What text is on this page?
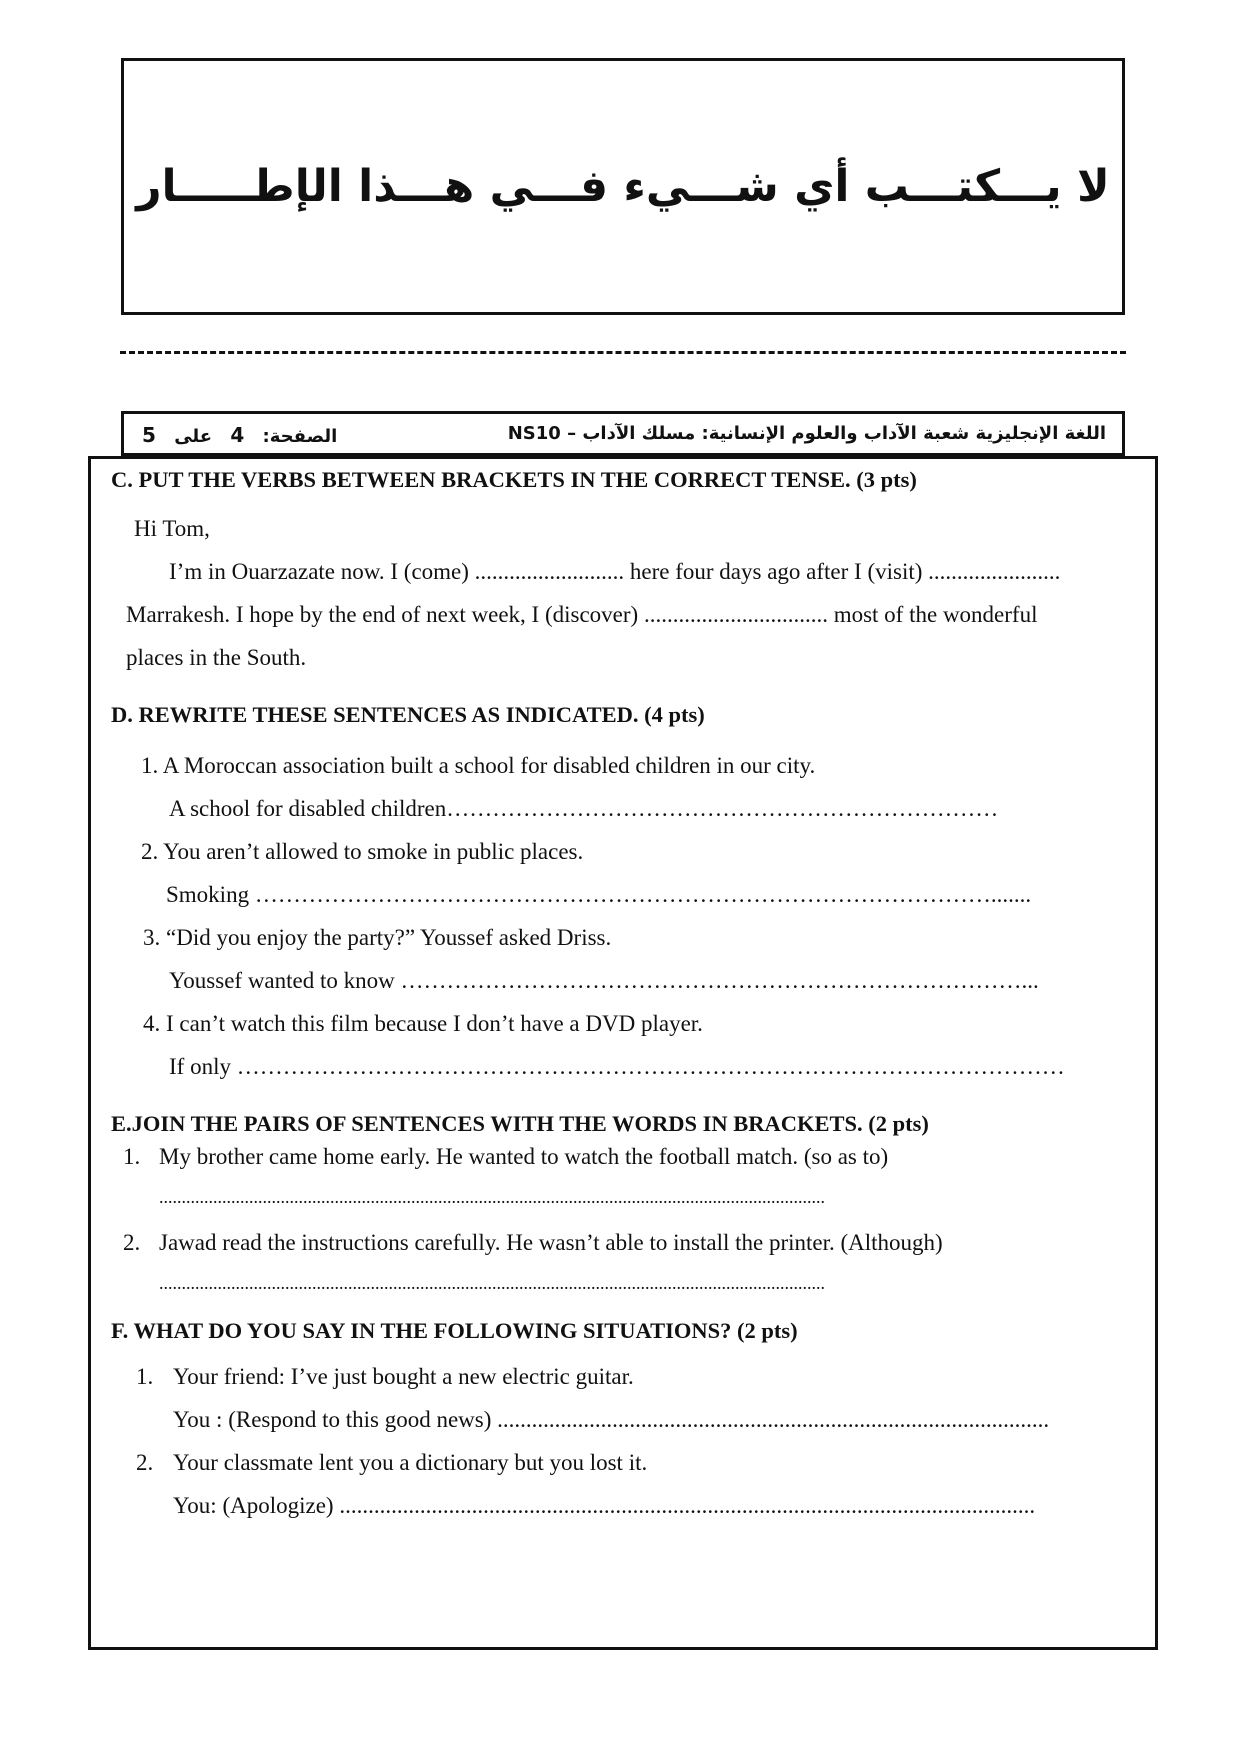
لا يـــكتـــب أي شـــيء فـــي هـــذا الإطـــــار
اللغة الإنجليزية شعبة الآداب والعلوم الإنسانية: مسلك الآداب – NS10
الصفحة: 4 على 5
C. PUT THE VERBS BETWEEN BRACKETS IN THE CORRECT TENSE. (3 pts)
Hi Tom,
I’m in Ouarzazate now. I (come) .......................... here four days ago after I (visit) .......................
Marrakesh. I hope by the end of next week, I (discover) ................................ most of the wonderful
places in the South.
D. REWRITE THESE SENTENCES AS INDICATED. (4 pts)
1. A Moroccan association built a school for disabled children in our city.
A school for disabled children………………………………………………………………
2. You aren’t allowed to smoke in public places.
Smoking …………………………………………………………………………………….......
3. “Did you enjoy the party?” Youssef asked Driss.
Youssef wanted to know ………………………………………………………………………...
4. I can’t watch this film because I don’t have a DVD player.
If only ………………………………………………………………………………………………
E.JOIN THE PAIRS OF SENTENCES WITH THE WORDS IN BRACKETS. (2 pts)
1. My brother came home early. He wanted to watch the football match. (so as to)
....................................................................................................................................................
2. Jawad read the instructions carefully. He wasn’t able to install the printer. (Although)
....................................................................................................................................................
F. WHAT DO YOU SAY IN THE FOLLOWING SITUATIONS? (2 pts)
1. Your friend: I’ve just bought a new electric guitar.
You : (Respond to this good news) ................................................................................................
2. Your classmate lent you a dictionary but you lost it.
You: (Apologize) .........................................................................................................................
